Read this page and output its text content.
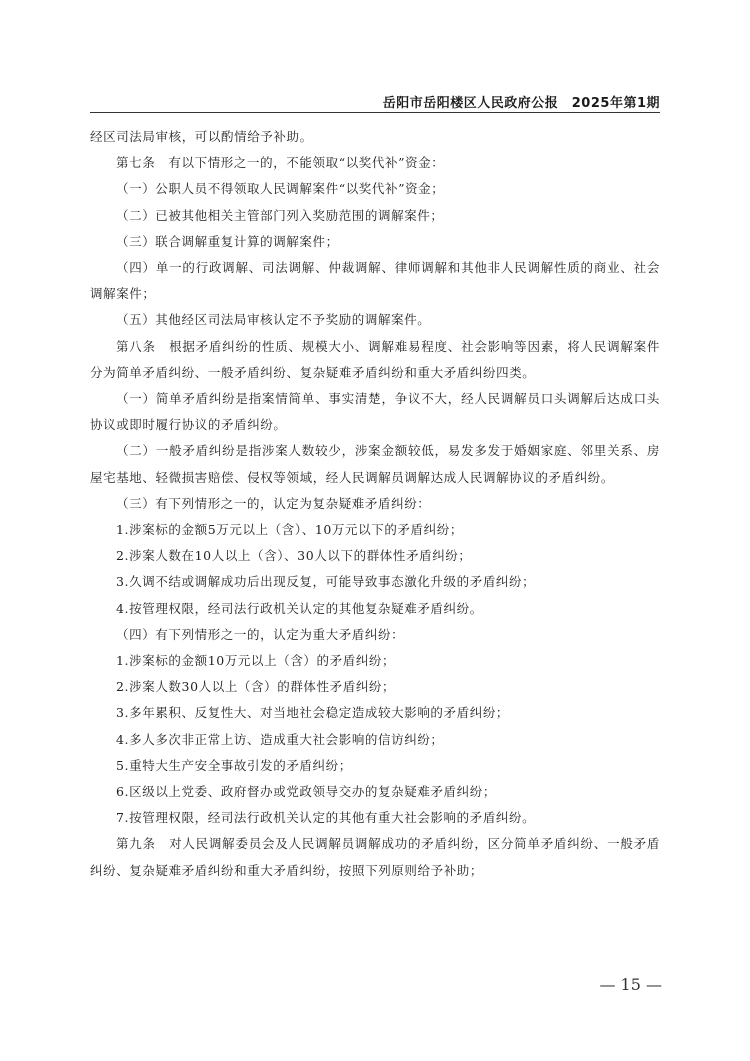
岳阳市岳阳楼区人民政府公报　2025年第1期

经区司法局审核，可以酌情给予补助。

第七条　有以下情形之一的，不能领取“以奖代补”资金：

（一）公职人员不得领取人民调解案件“以奖代补”资金；

（二）已被其他相关主管部门列入奖励范围的调解案件；

（三）联合调解重复计算的调解案件；

（四）单一的行政调解、司法调解、仲裁调解、律师调解和其他非人民调解性质的商业、社会调解案件；

（五）其他经区司法局审核认定不予奖励的调解案件。

第八条　根据矛盾纠纷的性质、规模大小、调解难易程度、社会影响等因素，将人民调解案件分为简单矛盾纠纷、一般矛盾纠纷、复杂疑难矛盾纠纷和重大矛盾纠纷四类。

（一）简单矛盾纠纷是指案情简单、事实清楚，争议不大，经人民调解员口头调解后达成口头协议或即时履行协议的矛盾纠纷。

（二）一般矛盾纠纷是指涉案人数较少，涉案金额较低，易发多发于婚姻家庭、邻里关系、房屋宅基地、轻微损害赔偿、侵权等领域，经人民调解员调解达成人民调解协议的矛盾纠纷。

（三）有下列情形之一的，认定为复杂疑难矛盾纠纷：

1.涉案标的金额5万元以上（含）、10万元以下的矛盾纠纷；

2.涉案人数在10人以上（含）、30人以下的群体性矛盾纠纷；

3.久调不结或调解成功后出现反复，可能导致事态激化升级的矛盾纠纷；

4.按管理权限，经司法行政机关认定的其他复杂疑难矛盾纠纷。

（四）有下列情形之一的，认定为重大矛盾纠纷：

1.涉案标的金额10万元以上（含）的矛盾纠纷；

2.涉案人数30人以上（含）的群体性矛盾纠纷；

3.多年累积、反复性大、对当地社会稳定造成较大影响的矛盾纠纷；

4.多人多次非正常上访、造成重大社会影响的信访纠纷；

5.重特大生产安全事故引发的矛盾纠纷；

6.区级以上党委、政府督办或党政领导交办的复杂疑难矛盾纠纷；

7.按管理权限，经司法行政机关认定的其他有重大社会影响的矛盾纠纷。

第九条　对人民调解委员会及人民调解员调解成功的矛盾纠纷，区分简单矛盾纠纷、一般矛盾纠纷、复杂疑难矛盾纠纷和重大矛盾纠纷，按照下列原则给予补助；

— 15 —
